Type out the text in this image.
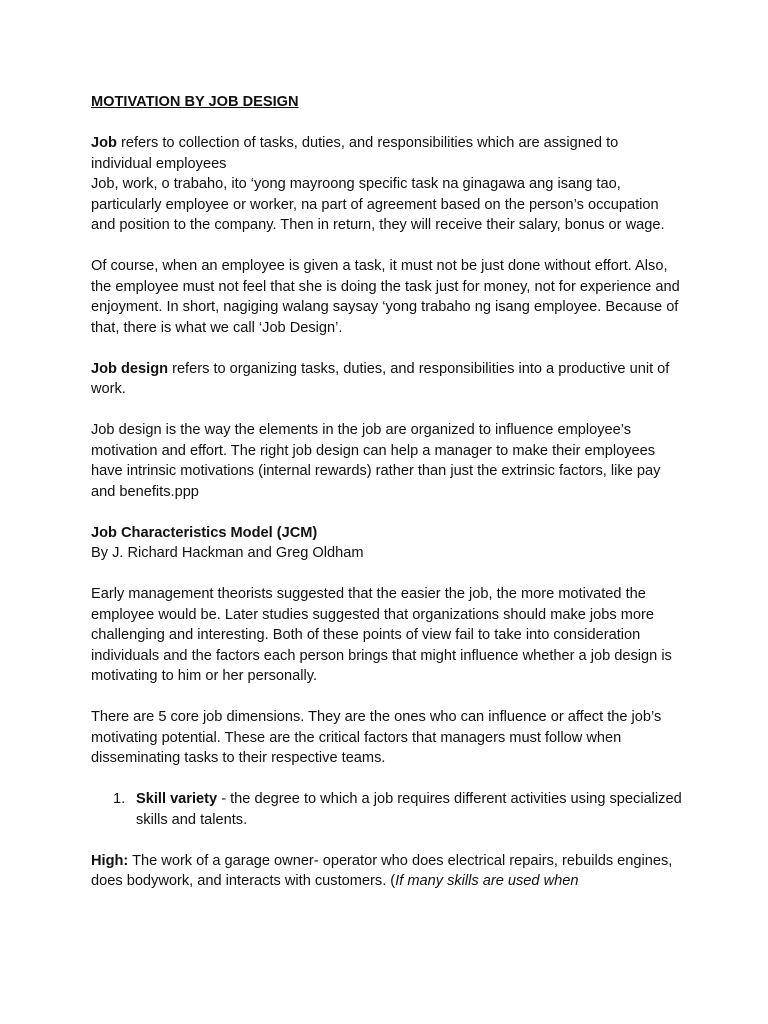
MOTIVATION BY JOB DESIGN

Job refers to collection of tasks, duties, and responsibilities which are assigned to individual employees

Job, work, o trabaho, ito ‘yong mayroong specific task na ginagawa ang isang tao, particularly employee or worker, na part of agreement based on the person’s occupation and position to the company. Then in return, they will receive their salary, bonus or wage.

Of course, when an employee is given a task, it must not be just done without effort. Also, the employee must not feel that she is doing the task just for money, not for experience and enjoyment. In short, nagiging walang saysay ‘yong trabaho ng isang employee. Because of that, there is what we call ‘Job Design’.

Job design refers to organizing tasks, duties, and responsibilities into a productive unit of work.

Job design is the way the elements in the job are organized to influence employee’s motivation and effort. The right job design can help a manager to make their employees have intrinsic motivations (internal rewards) rather than just the extrinsic factors, like pay and benefits.ppp

Job Characteristics Model (JCM)
By J. Richard Hackman and Greg Oldham

Early management theorists suggested that the easier the job, the more motivated the employee would be. Later studies suggested that organizations should make jobs more challenging and interesting. Both of these points of view fail to take into consideration individuals and the factors each person brings that might influence whether a job design is motivating to him or her personally.

There are 5 core job dimensions. They are the ones who can influence or affect the job’s motivating potential. These are the critical factors that managers must follow when disseminating tasks to their respective teams.

1. Skill variety - the degree to which a job requires different activities using specialized skills and talents.

High: The work of a garage owner- operator who does electrical repairs, rebuilds engines, does bodywork, and interacts with customers. (If many skills are used when
